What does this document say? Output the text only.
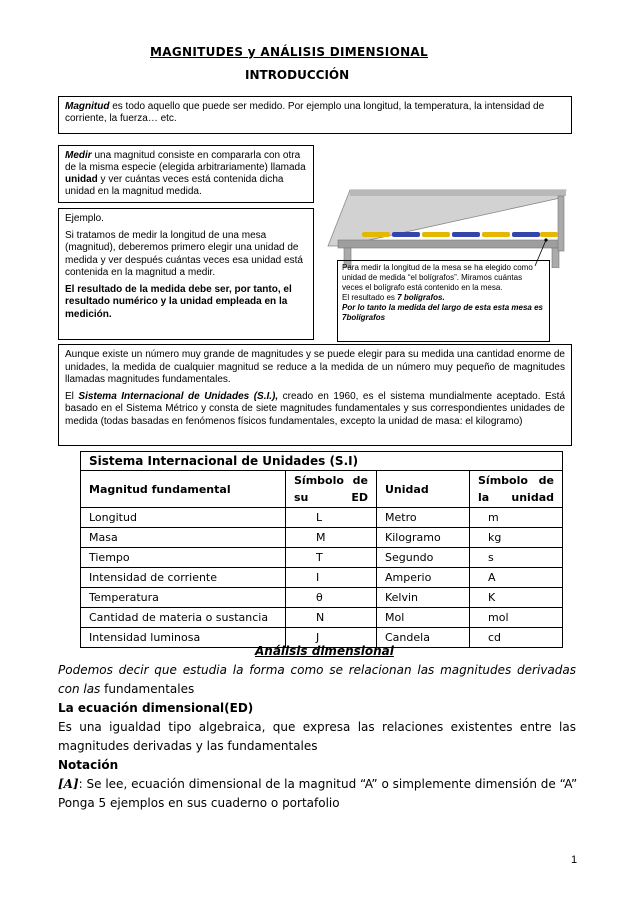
MAGNITUDES y ANÁLISIS DIMENSIONAL
INTRODUCCIÓN
Magnitud es todo aquello que puede ser medido. Por ejemplo una longitud, la temperatura, la intensidad de corriente, la fuerza… etc.
Medir una magnitud consiste en compararla con otra de la misma especie (elegida arbitrariamente) llamada unidad y ver cuántas veces está contenida dicha unidad en la magnitud medida.

Ejemplo.

Si tratamos de medir la longitud de una mesa (magnitud), deberemos primero elegir una unidad de medida y ver después cuántas veces esa unidad está contenida en la magnitud a medir.

El resultado de la medida debe ser, por tanto, el resultado numérico y la unidad empleada en la medición.

Para medir la longitud de la mesa se ha elegido como unidad de medida “el bolígrafos”. Miramos cuántas veces el bolígrafo está contenido en la mesa.

El resultado es 7 bolígrafos.

Por lo tanto la medida del largo de esta esta mesa es 7bolígrafos

Aunque existe un número muy grande de magnitudes y se puede elegir para su medida una cantidad enorme de unidades, la medida de cualquier magnitud se reduce a la medida de un número muy pequeño de magnitudes llamadas magnitudes fundamentales.

El Sistema Internacional de Unidades (S.I.), creado en 1960, es el sistema mundialmente aceptado. Está basado en el Sistema Métrico y consta de siete magnitudes fundamentales y sus correspondientes unidades de medida (todas basadas en fenómenos físicos fundamentales, excepto la unidad de masa: el kilogramo)

Sistema Internacional de Unidades (S.I)			
Magnitud fundamental	Símbolo de su ED	Unidad	Símbolo de la unidad
Longitud	L	Metro	m
Masa	M	Kilogramo	kg
Tiempo	T	Segundo	s
Intensidad de corriente	I	Amperio	A
Temperatura	θ	Kelvin	K
Cantidad de materia o sustancia	N	Mol	mol
Intensidad luminosa	J	Candela	cd
Análisis dimensional
Podemos decir que estudia la forma como se relacionan las magnitudes derivadas con las fundamentales
La ecuación dimensional(ED)
Es una igualdad tipo algebraica, que expresa las relaciones existentes entre las magnitudes derivadas y las fundamentales
Notación
[A]: Se lee, ecuación dimensional de la magnitud “A” o simplemente dimensión de “A”
Ponga 5 ejemplos en sus cuaderno o portafolio
1
